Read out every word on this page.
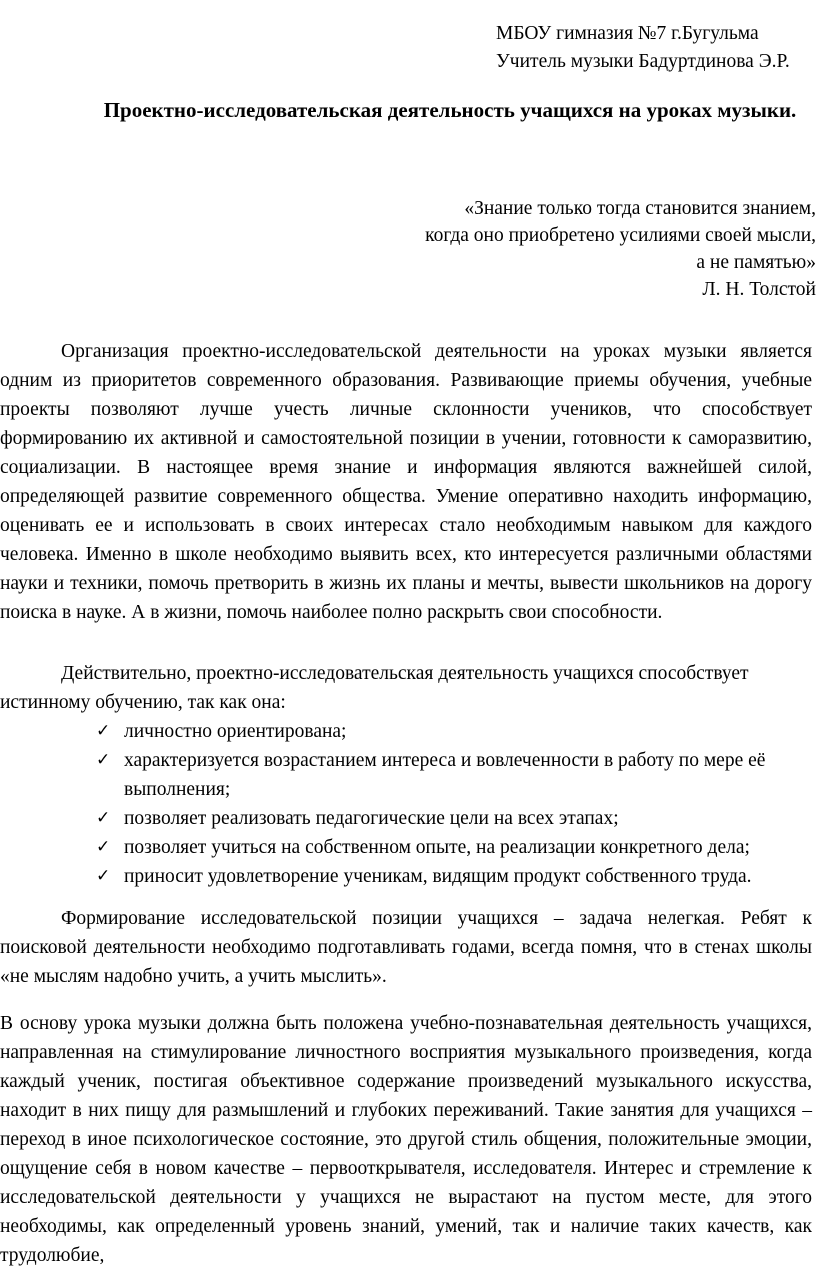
МБОУ гимназия №7 г.Бугульма
Учитель музыки Бадуртдинова Э.Р.
Проектно-исследовательская деятельность учащихся на уроках музыки.
«Знание только тогда становится знанием,
когда оно приобретено усилиями своей мысли,
а не памятью»
Л. Н. Толстой

Организация проектно-исследовательской деятельности на уроках музыки является одним из приоритетов современного образования. Развивающие приемы обучения, учебные проекты позволяют лучше учесть личные склонности учеников, что способствует формированию их активной и самостоятельной позиции в учении, готовности к саморазвитию, социализации. В настоящее время знание и информация являются важнейшей силой, определяющей развитие современного общества. Умение оперативно находить информацию, оценивать ее и использовать в своих интересах стало необходимым навыком для каждого человека. Именно в школе необходимо выявить всех, кто интересуется различными областями науки и техники, помочь претворить в жизнь их планы и мечты, вывести школьников на дорогу поиска в науке. А в жизни, помочь наиболее полно раскрыть свои способности.

Действительно, проектно-исследовательская деятельность учащихся способствует истинному обучению, так как она:

✓ личностно ориентирована;
✓ характеризуется возрастанием интереса и вовлеченности в работу по мере её выполнения;
✓ позволяет реализовать педагогические цели на всех этапах;
✓ позволяет учиться на собственном опыте, на реализации конкретного дела;
✓ приносит удовлетворение ученикам, видящим продукт собственного труда.

Формирование исследовательской позиции учащихся – задача нелегкая. Ребят к поисковой деятельности необходимо подготавливать годами, всегда помня, что в стенах школы «не мыслям надобно учить, а учить мыслить».

В основу урока музыки должна быть положена учебно-познавательная деятельность учащихся, направленная на стимулирование личностного восприятия музыкального произведения, когда каждый ученик, постигая объективное содержание произведений музыкального искусства, находит в них пищу для размышлений и глубоких переживаний. Такие занятия для учащихся – переход в иное психологическое состояние, это другой стиль общения, положительные эмоции, ощущение себя в новом качестве – первооткрывателя, исследователя. Интерес и стремление к исследовательской деятельности у учащихся не вырастают на пустом месте, для этого необходимы, как определенный уровень знаний, умений, так и наличие таких качеств, как трудолюбие,
